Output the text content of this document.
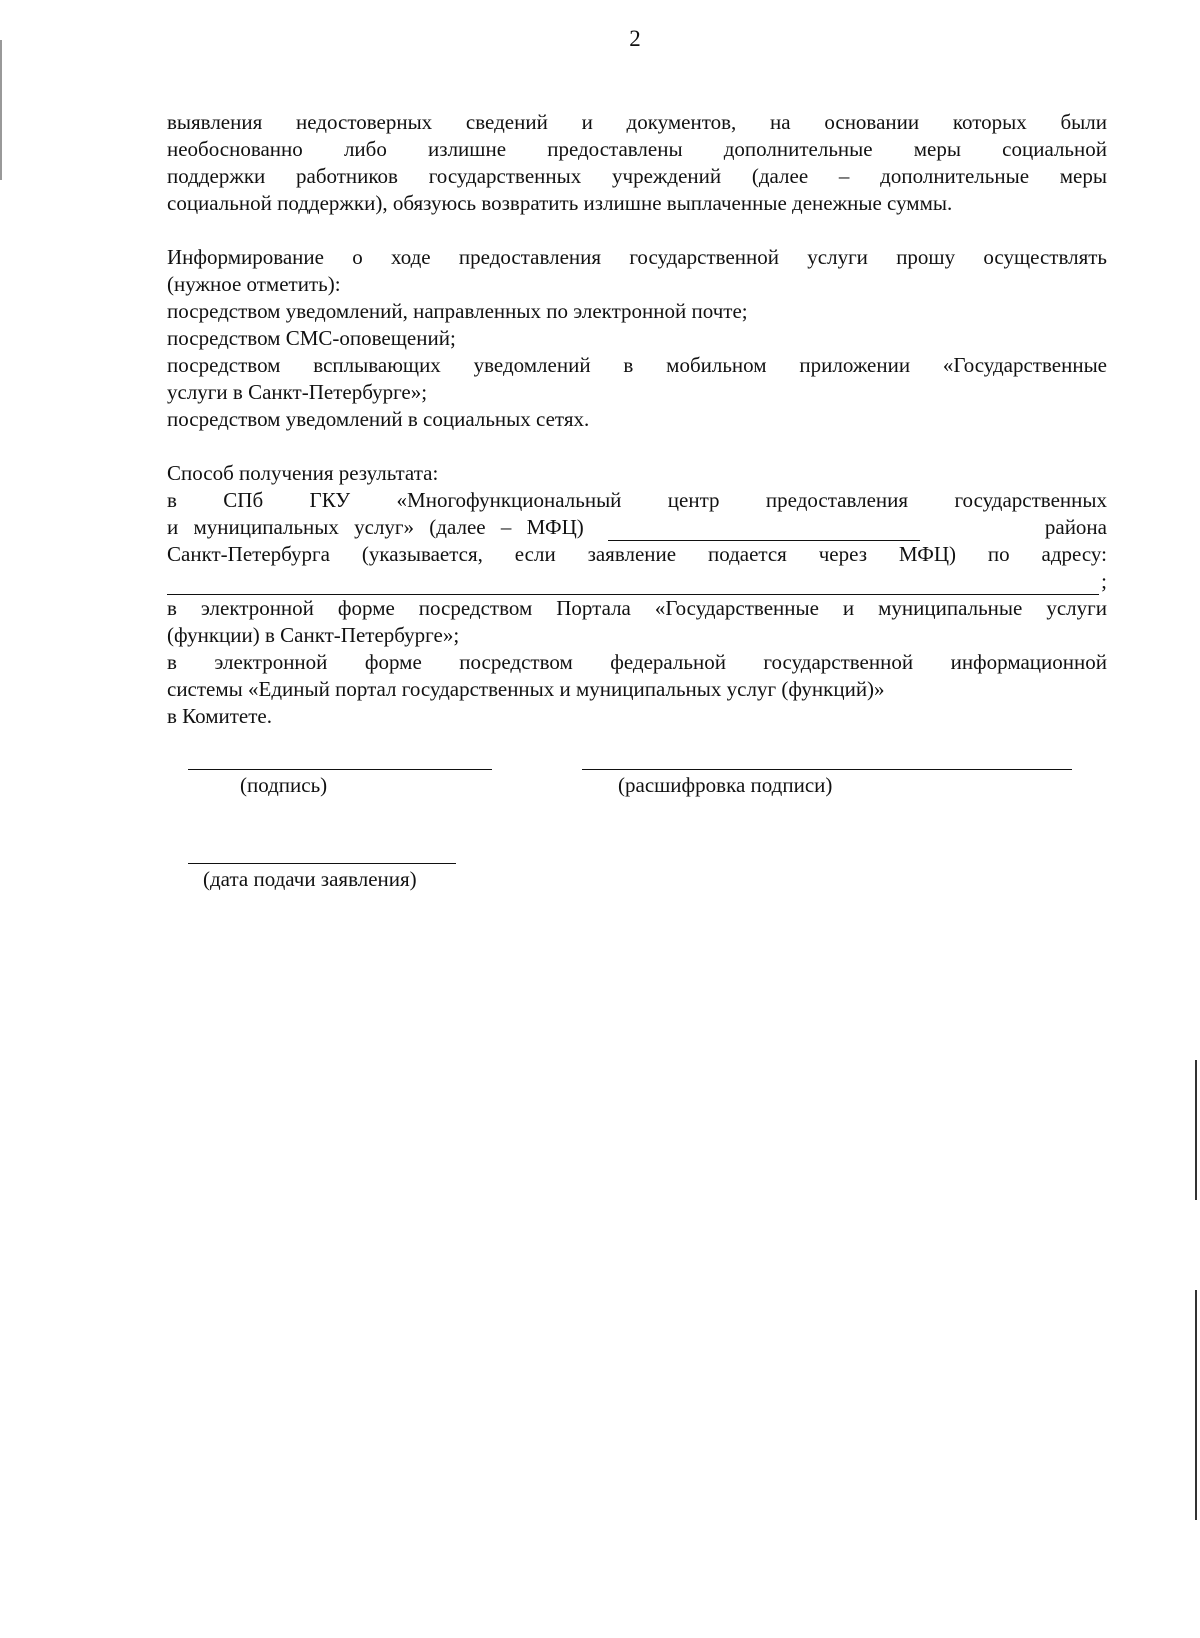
2
выявления недостоверных сведений и документов, на основании которых были
необоснованно либо излишне предоставлены дополнительные меры социальной
поддержки работников государственных учреждений (далее – дополнительные меры
социальной поддержки), обязуюсь возвратить излишне выплаченные денежные суммы.
Информирование о ходе предоставления государственной услуги прошу осуществлять
(нужное отметить):
посредством уведомлений, направленных по электронной почте;
посредством СМС-оповещений;
посредством всплывающих уведомлений в мобильном приложении «Государственные
услуги в Санкт-Петербурге»;
посредством уведомлений в социальных сетях.
Способ получения результата:
в СПб ГКУ «Многофункциональный центр предоставления государственных
и муниципальных услуг» (далее – МФЦ)	района
Санкт-Петербурга (указывается, если заявление подается через МФЦ) по адресу:
;
в электронной форме посредством Портала «Государственные и муниципальные услуги
(функции) в Санкт-Петербурге»;
в электронной форме посредством федеральной государственной информационной
системы «Единый портал государственных и муниципальных услуг (функций)»
в Комитете.
(подпись)	(расшифровка подписи)
(дата подачи заявления)
